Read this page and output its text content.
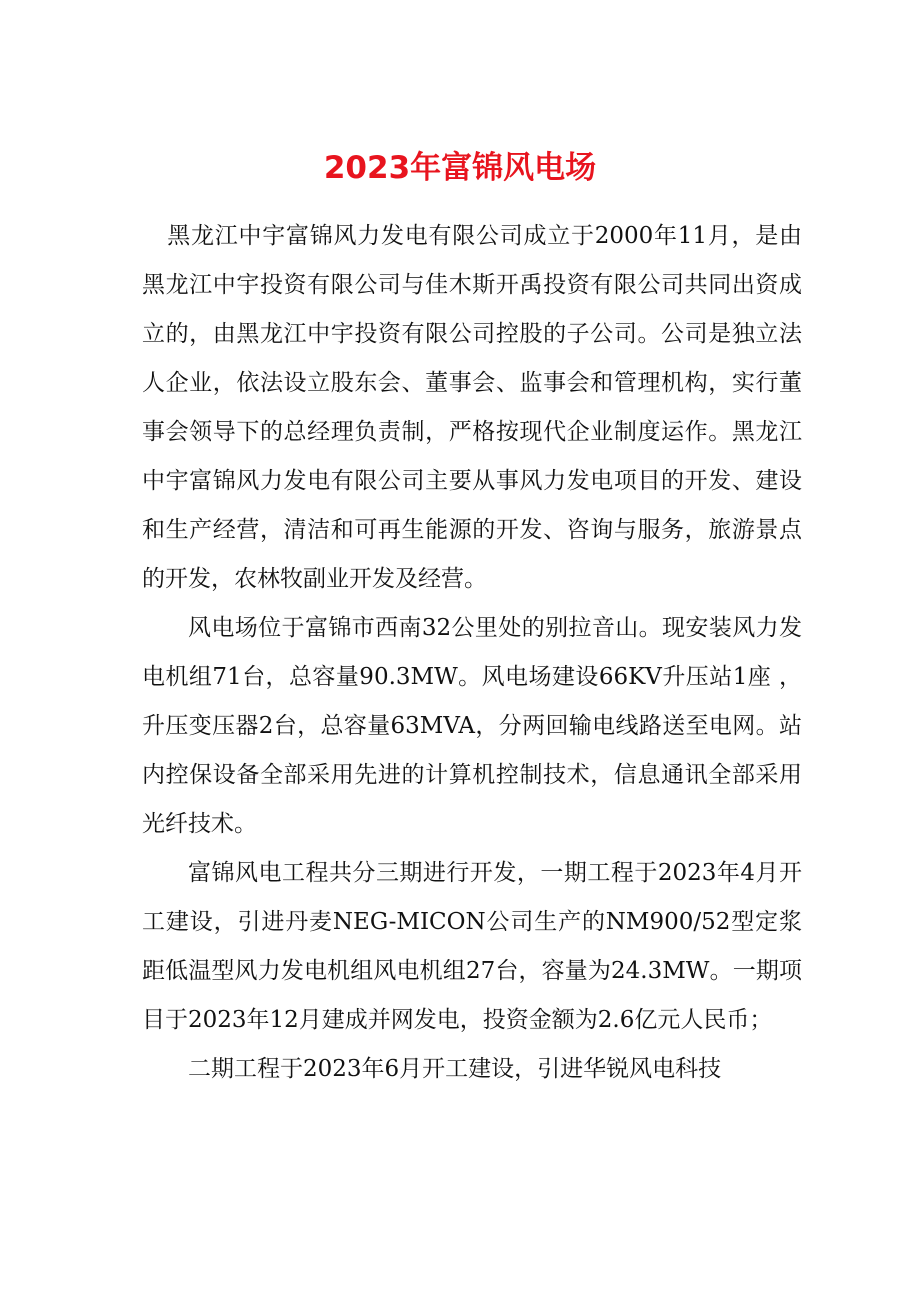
2023年富锦风电场

黑龙江中宇富锦风力发电有限公司成立于2000年11月，是由黑龙江中宇投资有限公司与佳木斯开禹投资有限公司共同出资成立的，由黑龙江中宇投资有限公司控股的子公司。公司是独立法人企业，依法设立股东会、董事会、监事会和管理机构，实行董事会领导下的总经理负责制，严格按现代企业制度运作。黑龙江中宇富锦风力发电有限公司主要从事风力发电项目的开发、建设和生产经营，清洁和可再生能源的开发、咨询与服务，旅游景点的开发，农林牧副业开发及经营。

风电场位于富锦市西南32公里处的别拉音山。现安装风力发电机组71台，总容量90.3MW。风电场建设66KV升压站1座 ，升压变压器2台，总容量63MVA，分两回输电线路送至电网。站内控保设备全部采用先进的计算机控制技术，信息通讯全部采用光纤技术。

富锦风电工程共分三期进行开发，一期工程于2023年4月开工建设，引进丹麦NEG-MICON公司生产的NM900/52型定浆距低温型风力发电机组风电机组27台，容量为24.3MW。一期项目于2023年12月建成并网发电，投资金额为2.6亿元人民币；

二期工程于2023年6月开工建设，引进华锐风电科技
